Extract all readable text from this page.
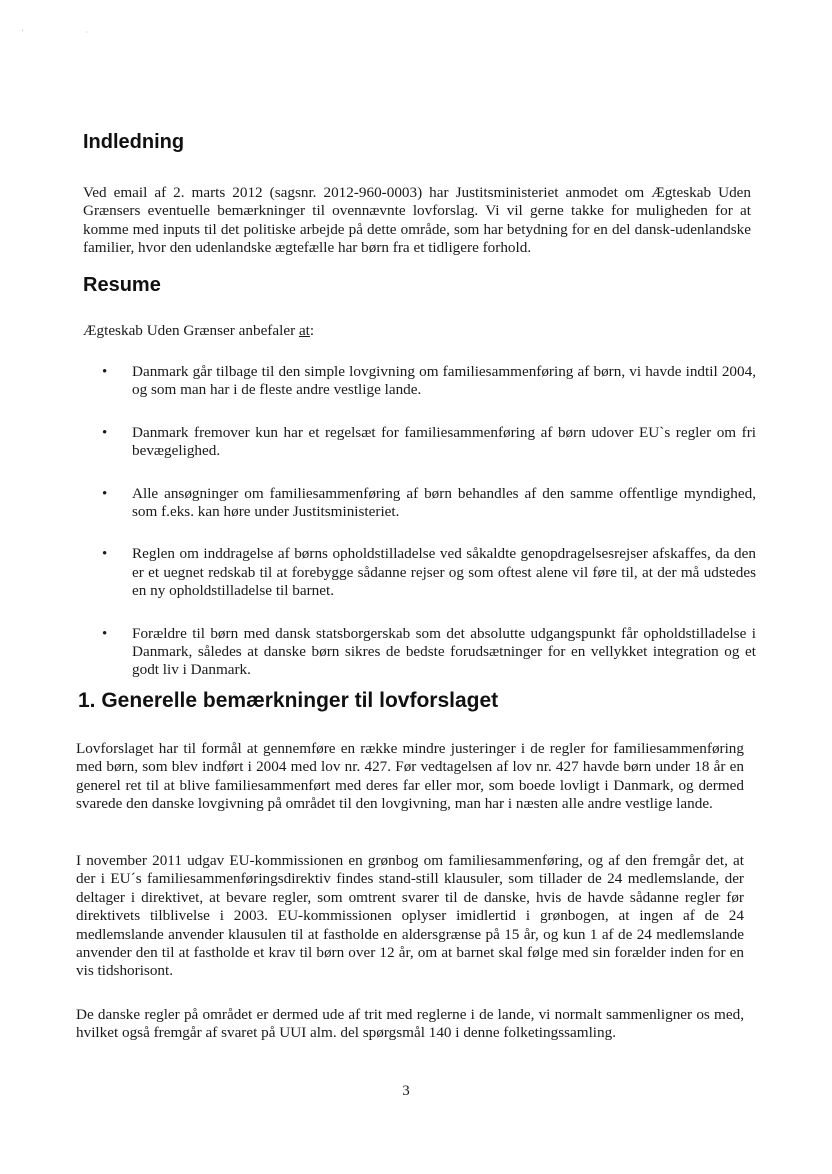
' ·
Indledning

Ved email af 2. marts 2012 (sagsnr. 2012-960-0003) har Justitsministeriet anmodet om Ægteskab Uden Grænsers eventuelle bemærkninger til ovennævnte lovforslag. Vi vil gerne takke for muligheden for at komme med inputs til det politiske arbejde på dette område, som har betydning for en del dansk-udenlandske familier, hvor den udenlandske ægtefælle har børn fra et tidligere forhold.

Resume

Ægteskab Uden Grænser anbefaler at:

• Danmark går tilbage til den simple lovgivning om familiesammenføring af børn, vi havde indtil 2004, og som man har i de fleste andre vestlige lande.
• Danmark fremover kun har et regelsæt for familiesammenføring af børn udover EU`s regler om fri bevægelighed.
• Alle ansøgninger om familiesammenføring af børn behandles af den samme offentlige myndighed, som f.eks. kan høre under Justitsministeriet.
• Reglen om inddragelse af børns opholdstilladelse ved såkaldte genopdragelsesrejser afskaffes, da den er et uegnet redskab til at forebygge sådanne rejser og som oftest alene vil føre til, at der må udstedes en ny opholdstilladelse til barnet.
• Forældre til børn med dansk statsborgerskab som det absolutte udgangspunkt får opholdstilladelse i Danmark, således at danske børn sikres de bedste forudsætninger for en vellykket integration og et godt liv i Danmark.
1. Generelle bemærkninger til lovforslaget

Lovforslaget har til formål at gennemføre en række mindre justeringer i de regler for familiesammenføring med børn, som blev indført i 2004 med lov nr. 427. Før vedtagelsen af lov nr. 427 havde børn under 18 år en generel ret til at blive familiesammenført med deres far eller mor, som boede lovligt i Danmark, og dermed svarede den danske lovgivning på området til den lovgivning, man har i næsten alle andre vestlige lande.

I november 2011 udgav EU-kommissionen en grønbog om familiesammenføring, og af den fremgår det, at der i EU´s familiesammenføringsdirektiv findes stand-still klausuler, som tillader de 24 medlemslande, der deltager i direktivet, at bevare regler, som omtrent svarer til de danske, hvis de havde sådanne regler før direktivets tilblivelse i 2003. EU-kommissionen oplyser imidlertid i grønbogen, at ingen af de 24 medlemslande anvender klausulen til at fastholde en aldersgrænse på 15 år, og kun 1 af de 24 medlemslande anvender den til at fastholde et krav til børn over 12 år, om at barnet skal følge med sin forælder inden for en vis tidshorisont.

De danske regler på området er dermed ude af trit med reglerne i de lande, vi normalt sammenligner os med, hvilket også fremgår af svaret på UUI alm. del spørgsmål 140 i denne folketingssamling.

3
